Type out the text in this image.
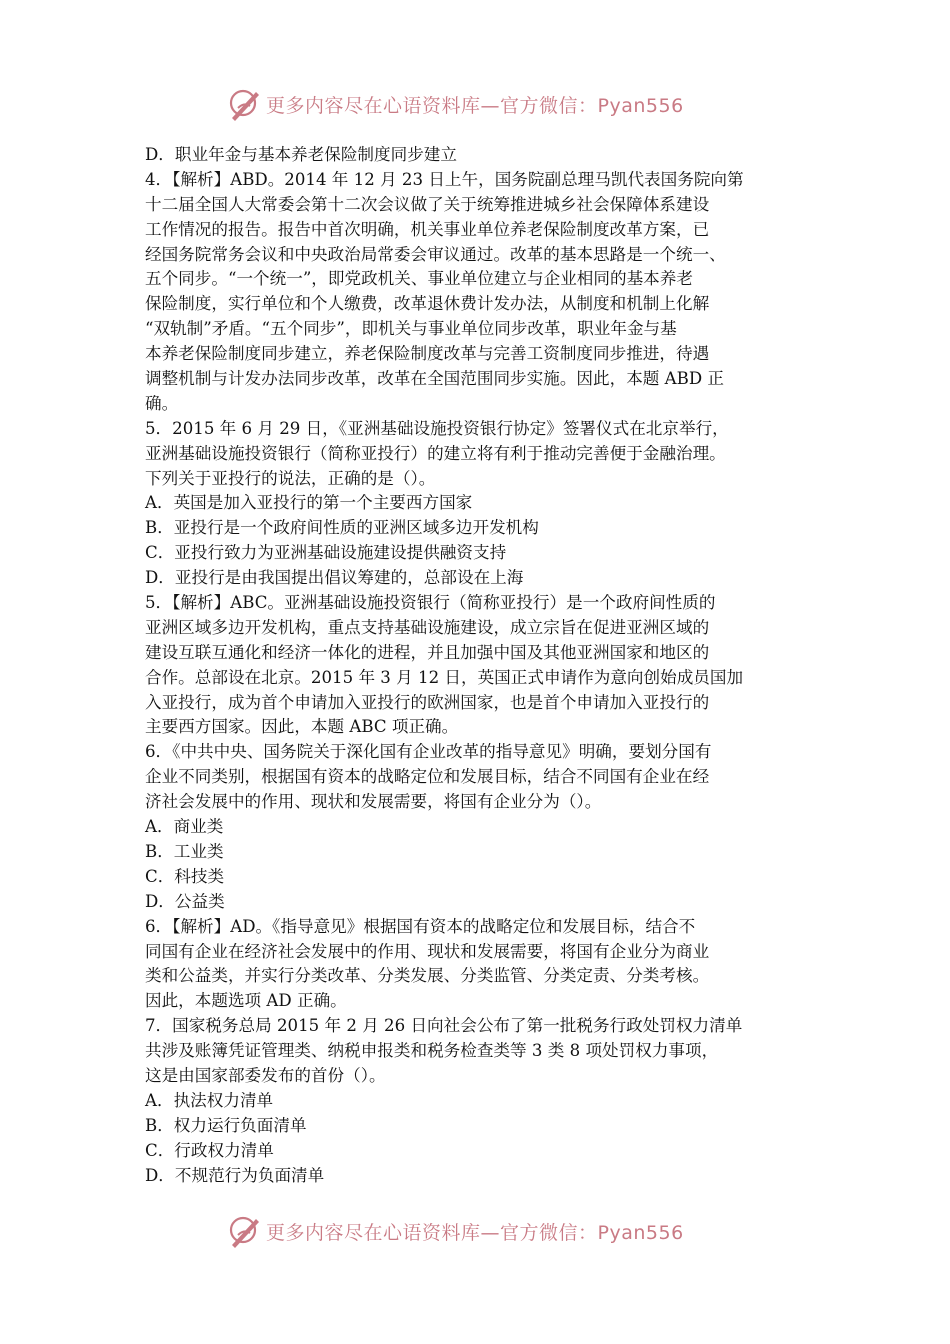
更多内容尽在心语资料库—官方微信：Pyan556
D．职业年金与基本养老保险制度同步建立
4．【解析】ABD。2014 年 12 月 23 日上午，国务院副总理马凯代表国务院向第
十二届全国人大常委会第十二次会议做了关于统筹推进城乡社会保障体系建设
工作情况的报告。报告中首次明确，机关事业单位养老保险制度改革方案，已
经国务院常务会议和中央政治局常委会审议通过。改革的基本思路是一个统一、
五个同步。“一个统一”，即党政机关、事业单位建立与企业相同的基本养老
保险制度，实行单位和个人缴费，改革退休费计发办法，从制度和机制上化解
“双轨制”矛盾。“五个同步”，即机关与事业单位同步改革，职业年金与基
本养老保险制度同步建立，养老保险制度改革与完善工资制度同步推进，待遇
调整机制与计发办法同步改革，改革在全国范围同步实施。因此，本题 ABD 正
确。
5．2015 年 6 月 29 日，《亚洲基础设施投资银行协定》签署仪式在北京举行，
亚洲基础设施投资银行（简称亚投行）的建立将有利于推动完善便于金融治理。
下列关于亚投行的说法，正确的是（）。
A．英国是加入亚投行的第一个主要西方国家
B．亚投行是一个政府间性质的亚洲区域多边开发机构
C．亚投行致力为亚洲基础设施建设提供融资支持
D．亚投行是由我国提出倡议筹建的，总部设在上海
5．【解析】ABC。亚洲基础设施投资银行（简称亚投行）是一个政府间性质的
亚洲区域多边开发机构，重点支持基础设施建设，成立宗旨在促进亚洲区域的
建设互联互通化和经济一体化的进程，并且加强中国及其他亚洲国家和地区的
合作。总部设在北京。2015 年 3 月 12 日，英国正式申请作为意向创始成员国加
入亚投行，成为首个申请加入亚投行的欧洲国家，也是首个申请加入亚投行的
主要西方国家。因此，本题 ABC 项正确。
6．《中共中央、国务院关于深化国有企业改革的指导意见》明确，要划分国有
企业不同类别，根据国有资本的战略定位和发展目标，结合不同国有企业在经
济社会发展中的作用、现状和发展需要，将国有企业分为（）。
A．商业类
B．工业类
C．科技类
D．公益类
6．【解析】AD。《指导意见》根据国有资本的战略定位和发展目标，结合不
同国有企业在经济社会发展中的作用、现状和发展需要，将国有企业分为商业
类和公益类，并实行分类改革、分类发展、分类监管、分类定责、分类考核。
因此，本题选项 AD 正确。
7．国家税务总局 2015 年 2 月 26 日向社会公布了第一批税务行政处罚权力清单
共涉及账簿凭证管理类、纳税申报类和税务检查类等 3 类 8 项处罚权力事项，
这是由国家部委发布的首份（）。
A．执法权力清单
B．权力运行负面清单
C．行政权力清单
D．不规范行为负面清单
更多内容尽在心语资料库—官方微信：Pyan556
